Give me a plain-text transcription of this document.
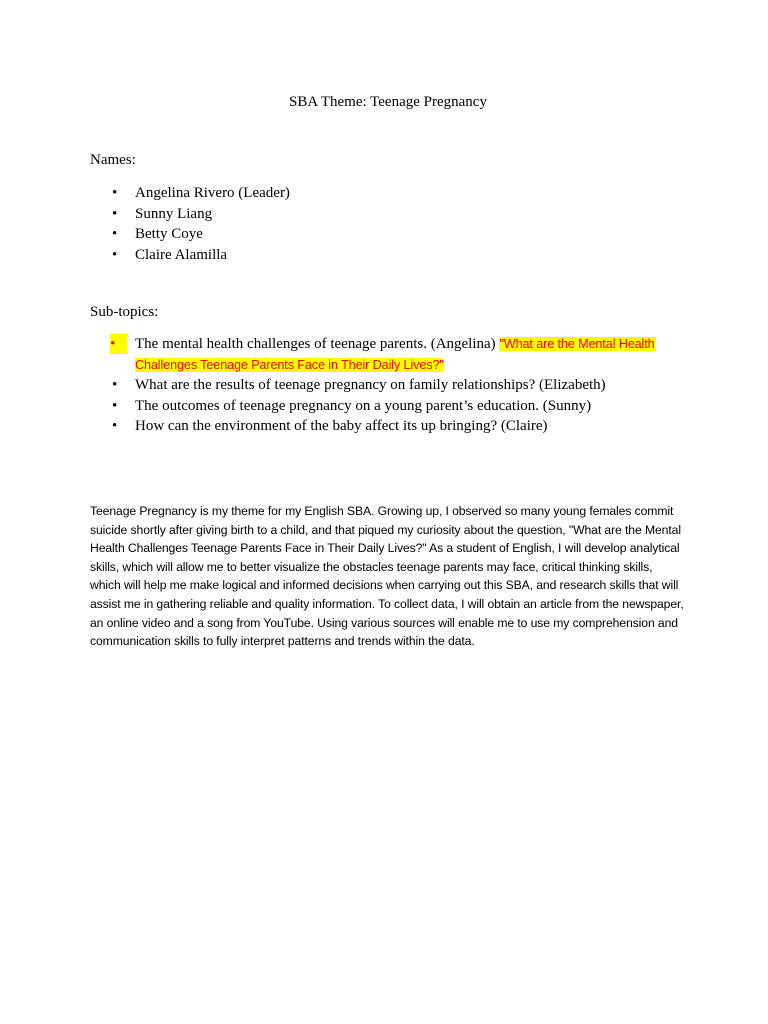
SBA Theme: Teenage Pregnancy
Names:
•	Angelina Rivero (Leader)
•	Sunny Liang
•	Betty Coye
•	Claire Alamilla
Sub-topics:
•	The mental health challenges of teenage parents. (Angelina) "What are the Mental Health Challenges Teenage Parents Face in Their Daily Lives?"
•	What are the results of teenage pregnancy on family relationships? (Elizabeth)
•	The outcomes of teenage pregnancy on a young parent’s education. (Sunny)
•	How can the environment of the baby affect its up bringing? (Claire)
Teenage Pregnancy is my theme for my English SBA. Growing up, I observed so many young females commit suicide shortly after giving birth to a child, and that piqued my curiosity about the question, "What are the Mental Health Challenges Teenage Parents Face in Their Daily Lives?" As a student of English, I will develop analytical skills, which will allow me to better visualize the obstacles teenage parents may face, critical thinking skills, which will help me make logical and informed decisions when carrying out this SBA, and research skills that will assist me in gathering reliable and quality information. To collect data, I will obtain an article from the newspaper, an online video and a song from YouTube. Using various sources will enable me to use my comprehension and communication skills to fully interpret patterns and trends within the data.
